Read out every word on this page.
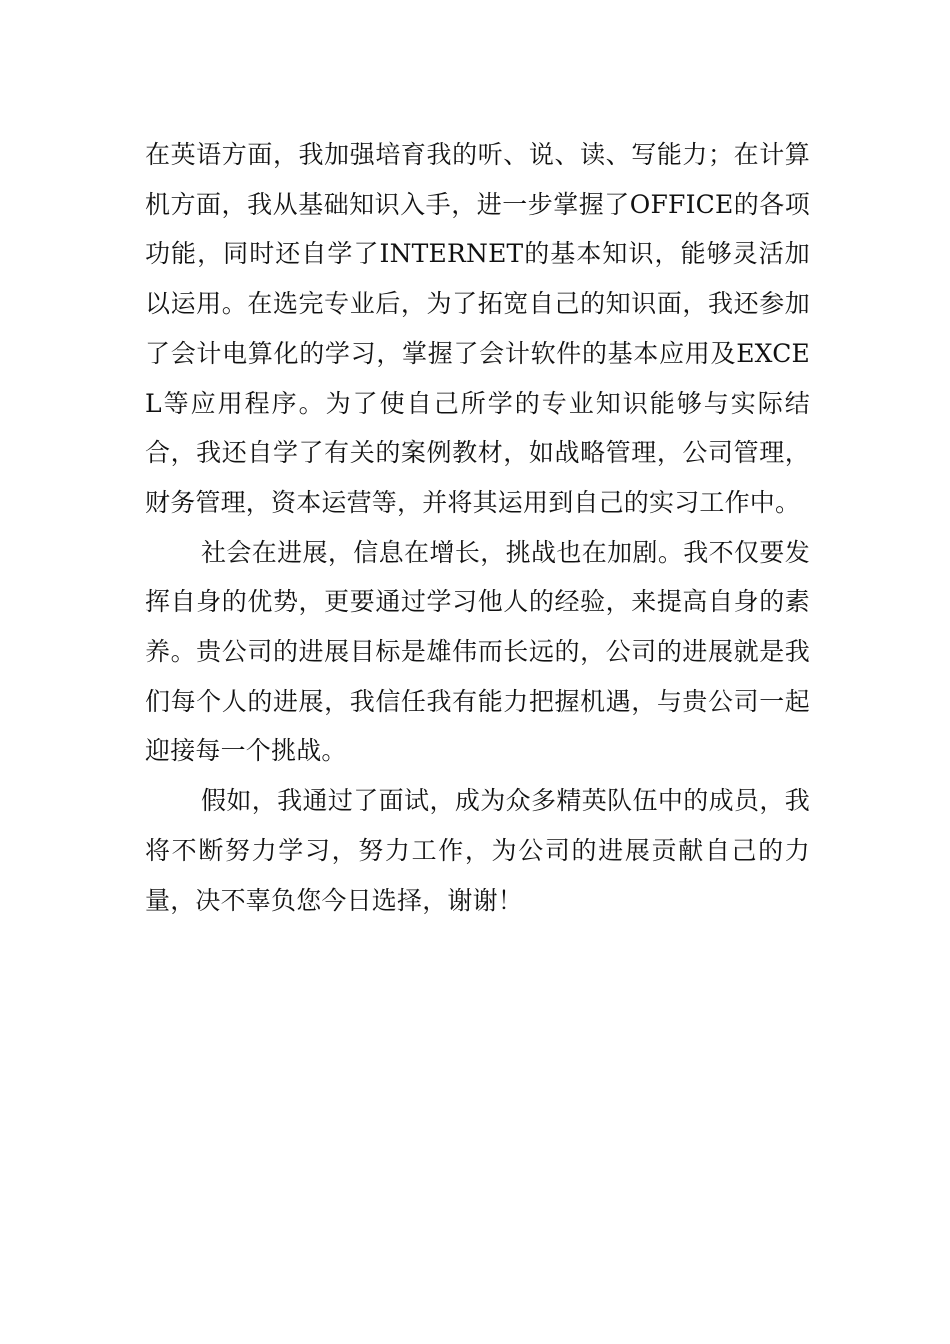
在英语方面，我加强培育我的听、说、读、写能力；在计算机方面，我从基础知识入手，进一步掌握了OFFICE的各项功能，同时还自学了INTERNET的基本知识，能够灵活加以运用。在选完专业后，为了拓宽自己的知识面，我还参加了会计电算化的学习，掌握了会计软件的基本应用及EXCEL等应用程序。为了使自己所学的专业知识能够与实际结合，我还自学了有关的案例教材，如战略管理，公司管理，财务管理，资本运营等，并将其运用到自己的实习工作中。

社会在进展，信息在增长，挑战也在加剧。我不仅要发挥自身的优势，更要通过学习他人的经验，来提高自身的素养。贵公司的进展目标是雄伟而长远的，公司的进展就是我们每个人的进展，我信任我有能力把握机遇，与贵公司一起迎接每一个挑战。

假如，我通过了面试，成为众多精英队伍中的成员，我将不断努力学习，努力工作，为公司的进展贡献自己的力量，决不辜负您今日选择，谢谢！
